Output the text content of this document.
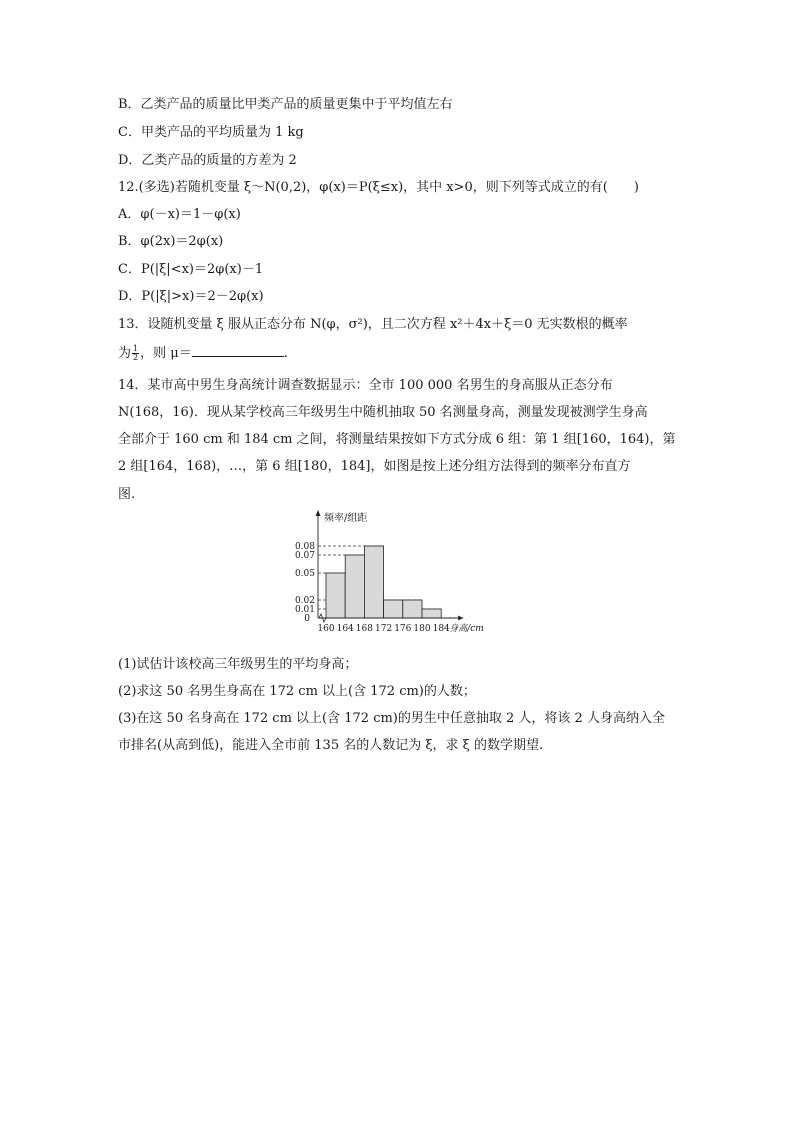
B．乙类产品的质量比甲类产品的质量更集中于平均值左右
C．甲类产品的平均质量为 1 kg
D．乙类产品的质量的方差为 2
12.(多选)若随机变量 ξ～N(0,2)，φ(x)＝P(ξ≤x)，其中 x>0，则下列等式成立的有(　　)
A．φ(－x)＝1－φ(x)
B．φ(2x)＝2φ(x)
C．P(|ξ|<x)＝2φ(x)－1
D．P(|ξ|>x)＝2－2φ(x)
13．设随机变量 ξ 服从正态分布 N(φ，σ²)，且二次方程 x²＋4x＋ξ＝0 无实数根的概率
为 $\frac{1}{2}$ ，则 μ＝	.
14．某市高中男生身高统计调查数据显示：全市 100 000 名男生的身高服从正态分布
N(168，16)．现从某学校高三年级男生中随机抽取 50 名测量身高，测量发现被测学生身高
全部介于 160 cm 和 184 cm 之间，将测量结果按如下方式分成 6 组：第 1 组[160，164)，第
2 组[164，168)，…，第 6 组[180，184]，如图是按上述分组方法得到的频率分布直方
图.
0.08
0.07
0.05
0.02
0.01
0
160 164 168 172 176 180 184
频率/组距
身高/cm
(1)试估计该校高三年级男生的平均身高；
(2)求这 50 名男生身高在 172 cm 以上(含 172 cm)的人数；
(3)在这 50 名身高在 172 cm 以上(含 172 cm)的男生中任意抽取 2 人，将该 2 人身高纳入全
市排名(从高到低)，能进入全市前 135 名的人数记为 ξ，求 ξ 的数学期望.
